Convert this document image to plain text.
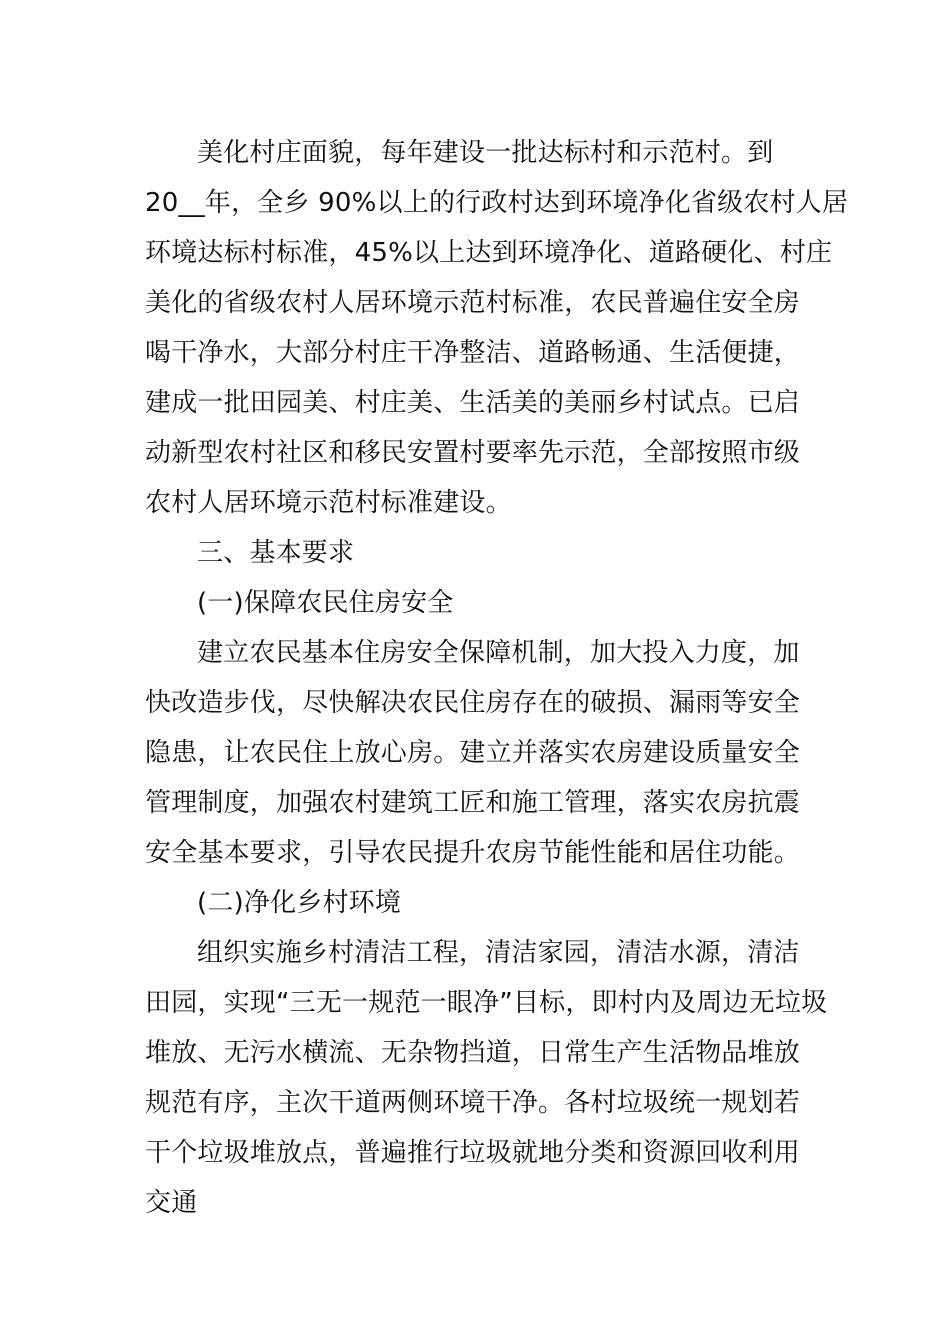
美化村庄面貌，每年建设一批达标村和示范村。到
20__年，全乡 90%以上的行政村达到环境净化省级农村人居
环境达标村标准，45%以上达到环境净化、道路硬化、村庄
美化的省级农村人居环境示范村标准，农民普遍住安全房
喝干净水，大部分村庄干净整洁、道路畅通、生活便捷，
建成一批田园美、村庄美、生活美的美丽乡村试点。已启
动新型农村社区和移民安置村要率先示范，全部按照市级
农村人居环境示范村标准建设。
三、基本要求
(一)保障农民住房安全
建立农民基本住房安全保障机制，加大投入力度，加
快改造步伐，尽快解决农民住房存在的破损、漏雨等安全
隐患，让农民住上放心房。建立并落实农房建设质量安全
管理制度，加强农村建筑工匠和施工管理，落实农房抗震
安全基本要求，引导农民提升农房节能性能和居住功能。
(二)净化乡村环境
组织实施乡村清洁工程，清洁家园，清洁水源，清洁
田园，实现“三无一规范一眼净”目标，即村内及周边无垃圾
堆放、无污水横流、无杂物挡道，日常生产生活物品堆放
规范有序，主次干道两侧环境干净。各村垃圾统一规划若
干个垃圾堆放点，普遍推行垃圾就地分类和资源回收利用
交通
